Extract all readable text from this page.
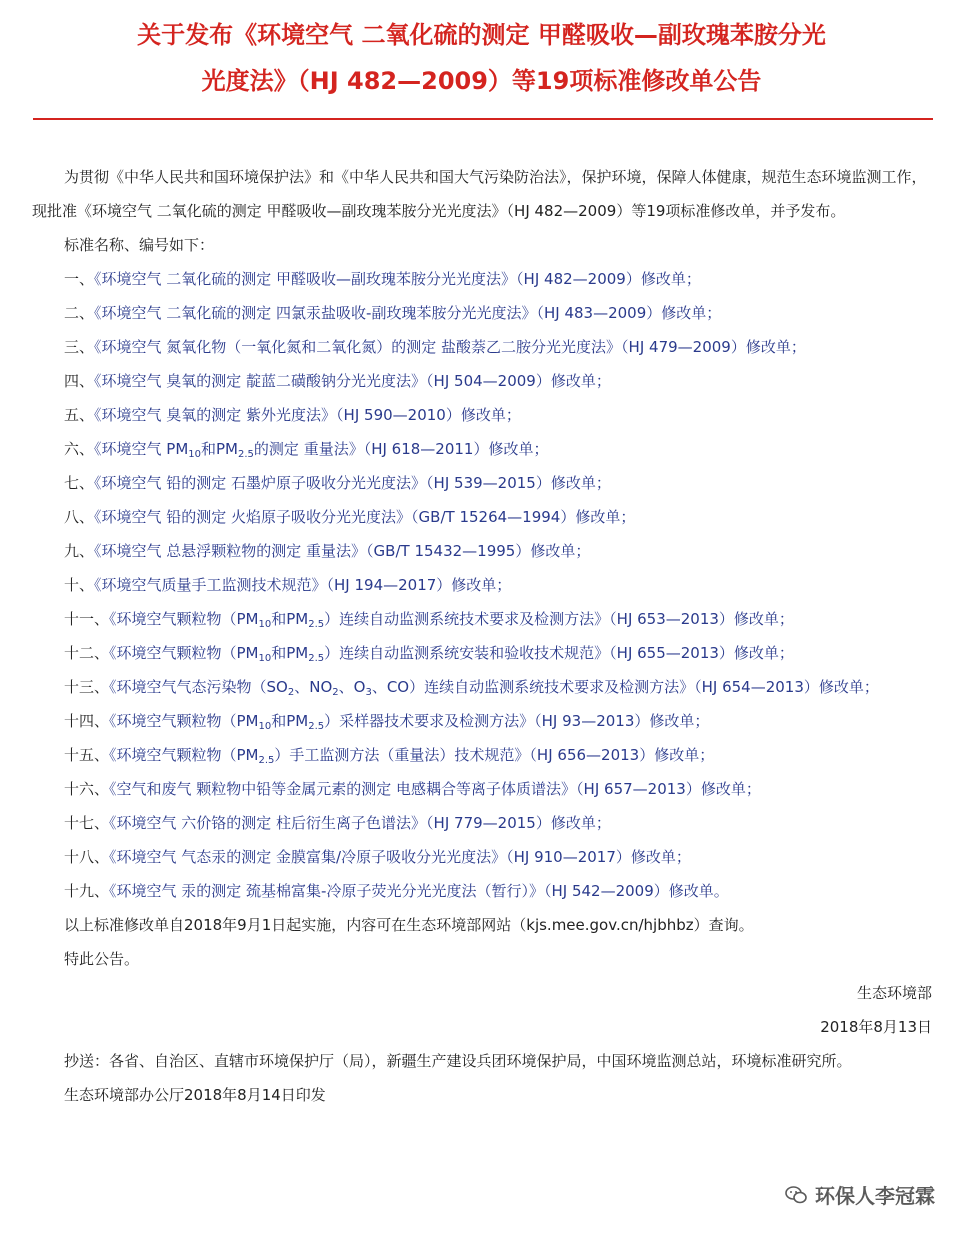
关于发布《环境空气 二氧化硫的测定 甲醛吸收—副玫瑰苯胺分光
光度法》（HJ 482—2009）等19项标准修改单公告
为贯彻《中华人民共和国环境保护法》和《中华人民共和国大气污染防治法》，保护环境，保障人体健康，规范生态环境监测工作，现批准《环境空气 二氧化硫的测定 甲醛吸收—副玫瑰苯胺分光光度法》（HJ 482—2009）等19项标准修改单，并予发布。
标准名称、编号如下：
一、《环境空气 二氧化硫的测定 甲醛吸收—副玫瑰苯胺分光光度法》（HJ 482—2009）修改单；
二、《环境空气 二氧化硫的测定 四氯汞盐吸收-副玫瑰苯胺分光光度法》（HJ 483—2009）修改单；
三、《环境空气 氮氧化物（一氧化氮和二氧化氮）的测定 盐酸萘乙二胺分光光度法》（HJ 479—2009）修改单；
四、《环境空气 臭氧的测定 靛蓝二磺酸钠分光光度法》（HJ 504—2009）修改单；
五、《环境空气 臭氧的测定 紫外光度法》（HJ 590—2010）修改单；
六、《环境空气 $PM_{10}$和$PM_{2.5}$的测定 重量法》（HJ 618—2011）修改单；
七、《环境空气 铅的测定 石墨炉原子吸收分光光度法》（HJ 539—2015）修改单；
八、《环境空气 铅的测定 火焰原子吸收分光光度法》（GB/T 15264—1994）修改单；
九、《环境空气 总悬浮颗粒物的测定 重量法》（GB/T 15432—1995）修改单；
十、《环境空气质量手工监测技术规范》（HJ 194—2017）修改单；
十一、《环境空气颗粒物（$PM_{10}$和$PM_{2.5}$）连续自动监测系统技术要求及检测方法》（HJ 653—2013）修改单；
十二、《环境空气颗粒物（$PM_{10}$和$PM_{2.5}$）连续自动监测系统安装和验收技术规范》（HJ 655—2013）修改单；
十三、《环境空气气态污染物（$SO_2$、$NO_2$、$O_3$、CO）连续自动监测系统技术要求及检测方法》（HJ 654—2013）修改单；
十四、《环境空气颗粒物（$PM_{10}$和$PM_{2.5}$）采样器技术要求及检测方法》（HJ 93—2013）修改单；
十五、《环境空气颗粒物$(PM_{2.5})$手工监测方法（重量法）技术规范》（HJ 656—2013）修改单；
十六、《空气和废气 颗粒物中铅等金属元素的测定 电感耦合等离子体质谱法》（HJ 657—2013）修改单；
十七、《环境空气 六价铬的测定 柱后衍生离子色谱法》（HJ 779—2015）修改单；
十八、《环境空气 气态汞的测定 金膜富集/冷原子吸收分光光度法》（HJ 910—2017）修改单；
十九、《环境空气 汞的测定 巯基棉富集-冷原子荧光分光光度法（暂行）》（HJ 542—2009）修改单。
以上标准修改单自2018年9月1日起实施，内容可在生态环境部网站（kjs.mee.gov.cn/hjbhbz）查询。
特此公告。
生态环境部
2018年8月13日
抄送：各省、自治区、直辖市环境保护厅（局），新疆生产建设兵团环境保护局，中国环境监测总站，环境标准研究所。
生态环境部办公厅2018年8月14日印发
环保人李冠霖
